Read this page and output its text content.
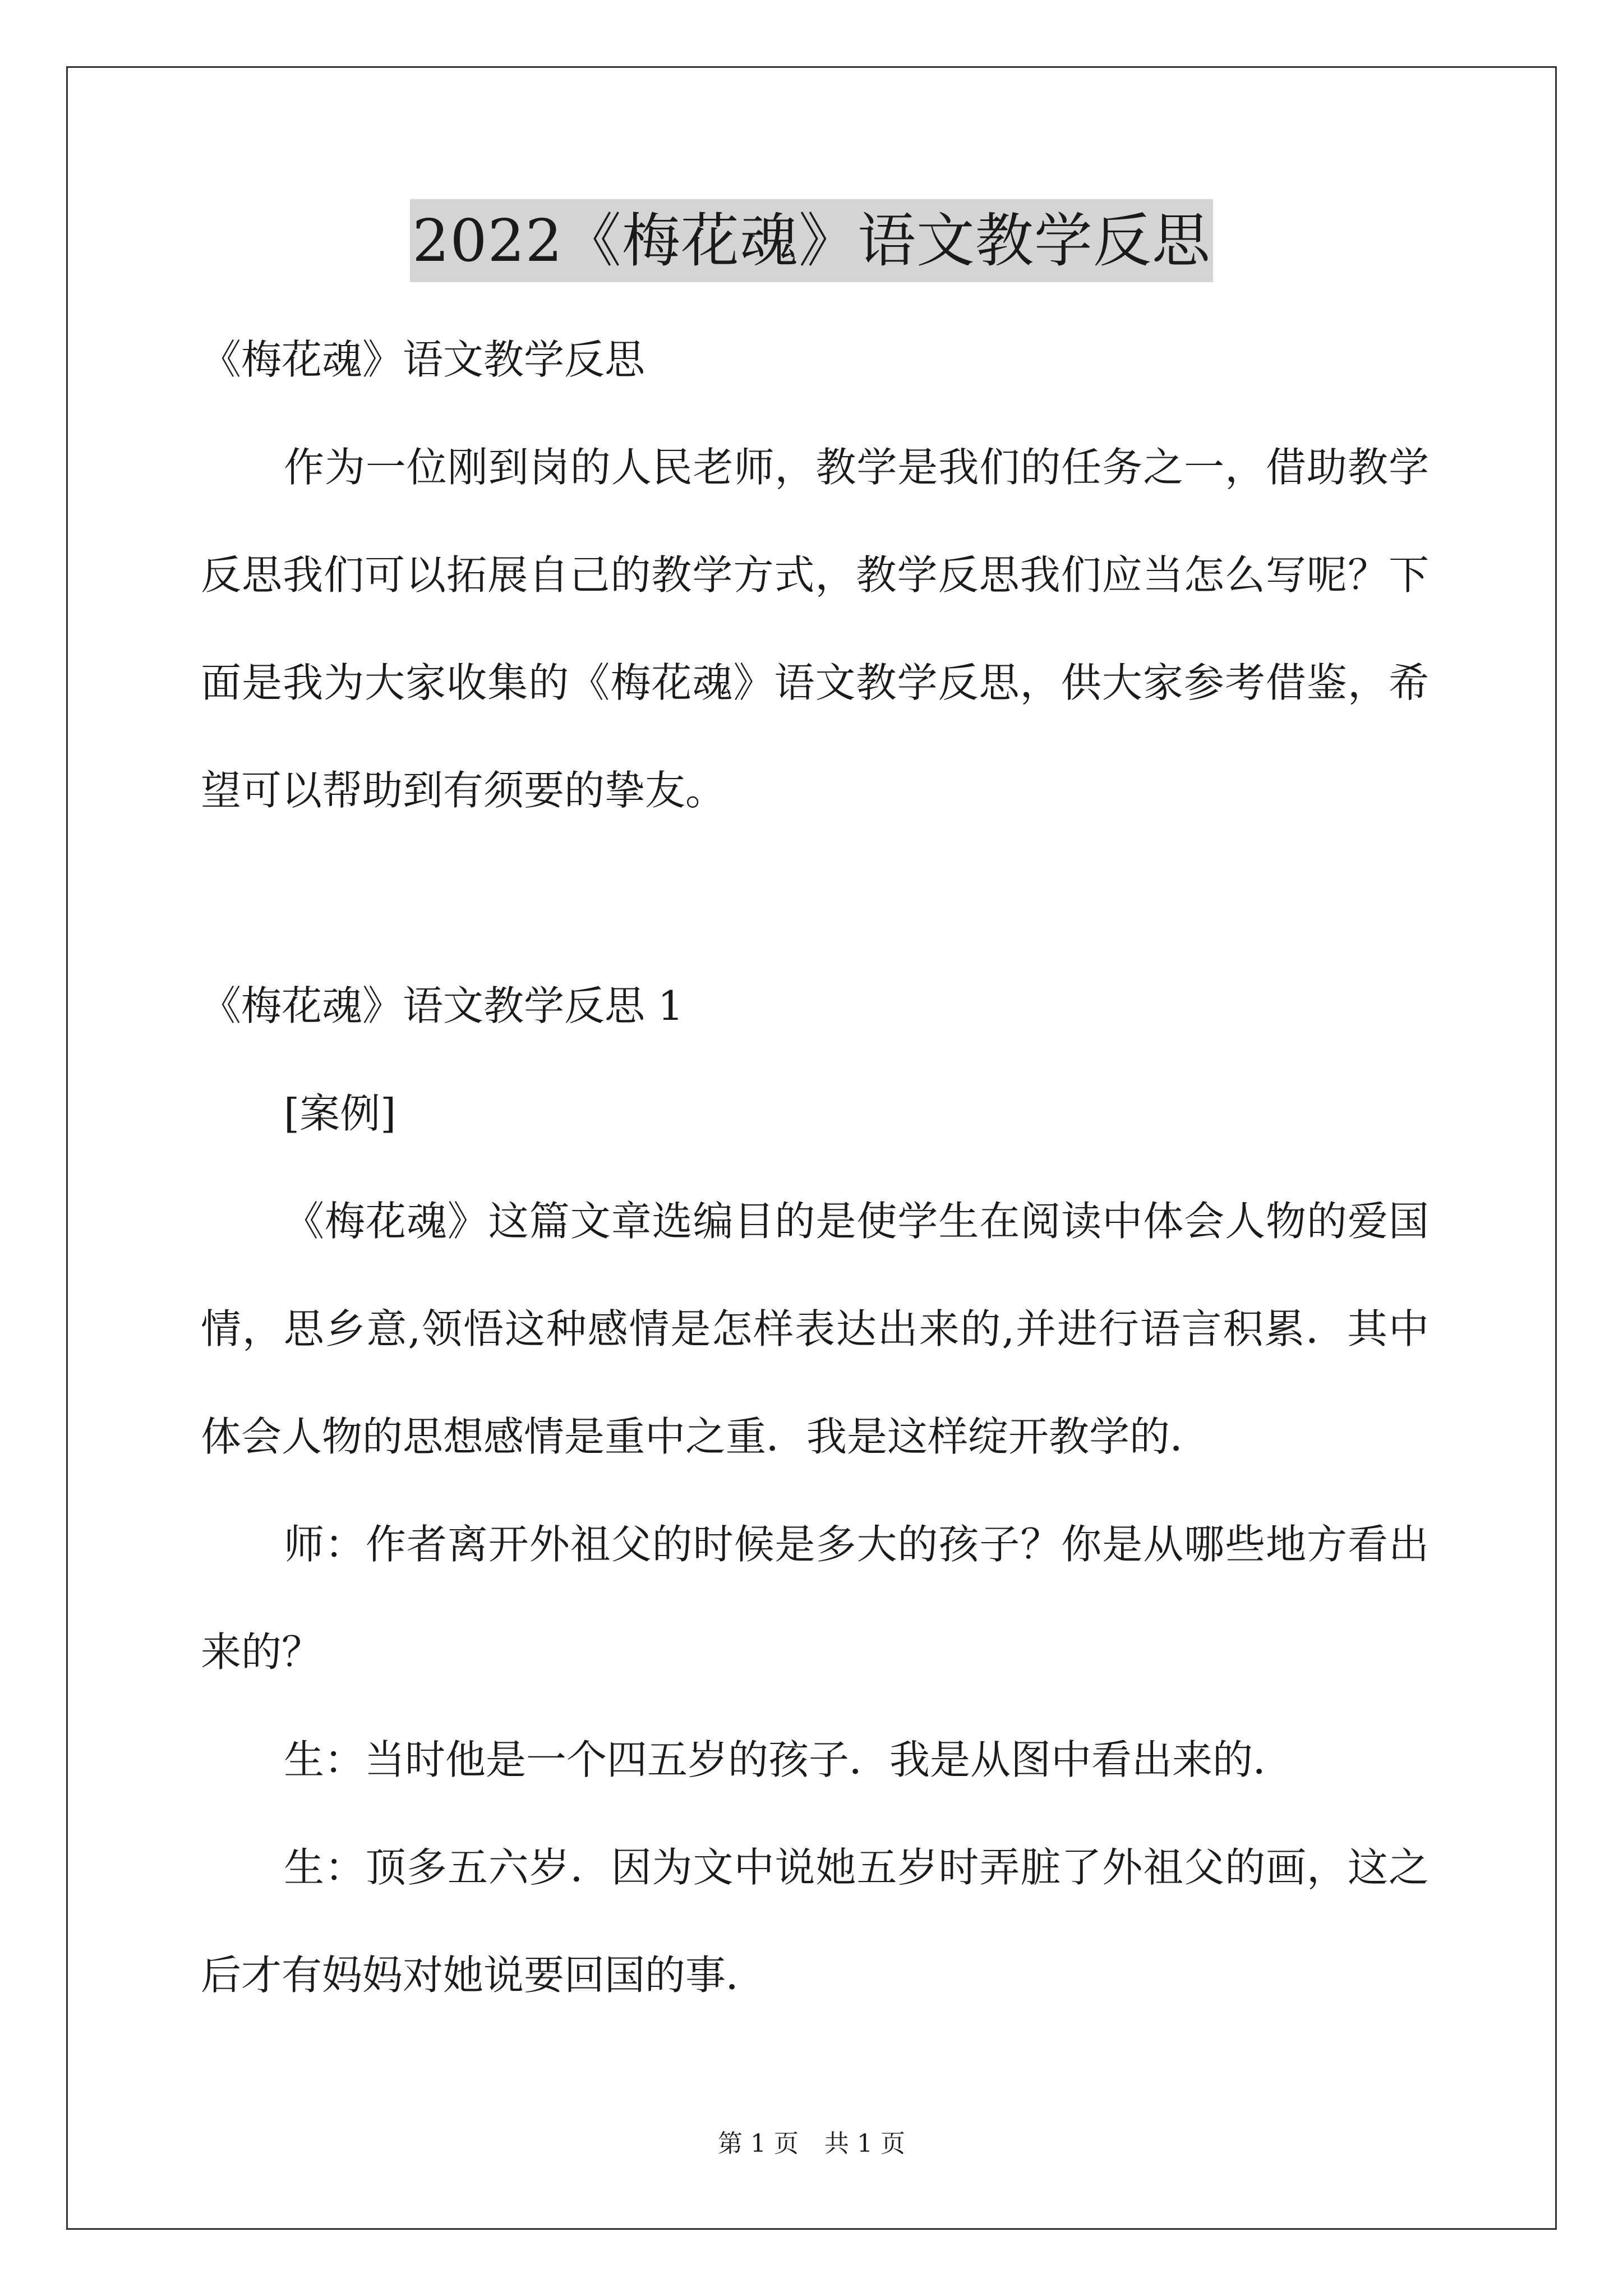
2022《梅花魂》语文教学反思

《梅花魂》语文教学反思

作为一位刚到岗的人民老师，教学是我们的任务之一，借助教学反思我们可以拓展自己的教学方式，教学反思我们应当怎么写呢？下面是我为大家收集的《梅花魂》语文教学反思，供大家参考借鉴，希望可以帮助到有须要的挚友。

《梅花魂》语文教学反思 1

[案例]

《梅花魂》这篇文章选编目的是使学生在阅读中体会人物的爱国情，思乡意,领悟这种感情是怎样表达出来的,并进行语言积累．其中体会人物的思想感情是重中之重．我是这样绽开教学的．

师：作者离开外祖父的时候是多大的孩子？你是从哪些地方看出来的？

生：当时他是一个四五岁的孩子．我是从图中看出来的．

生：顶多五六岁．因为文中说她五岁时弄脏了外祖父的画，这之后才有妈妈对她说要回国的事．

第 1 页 共 1 页
